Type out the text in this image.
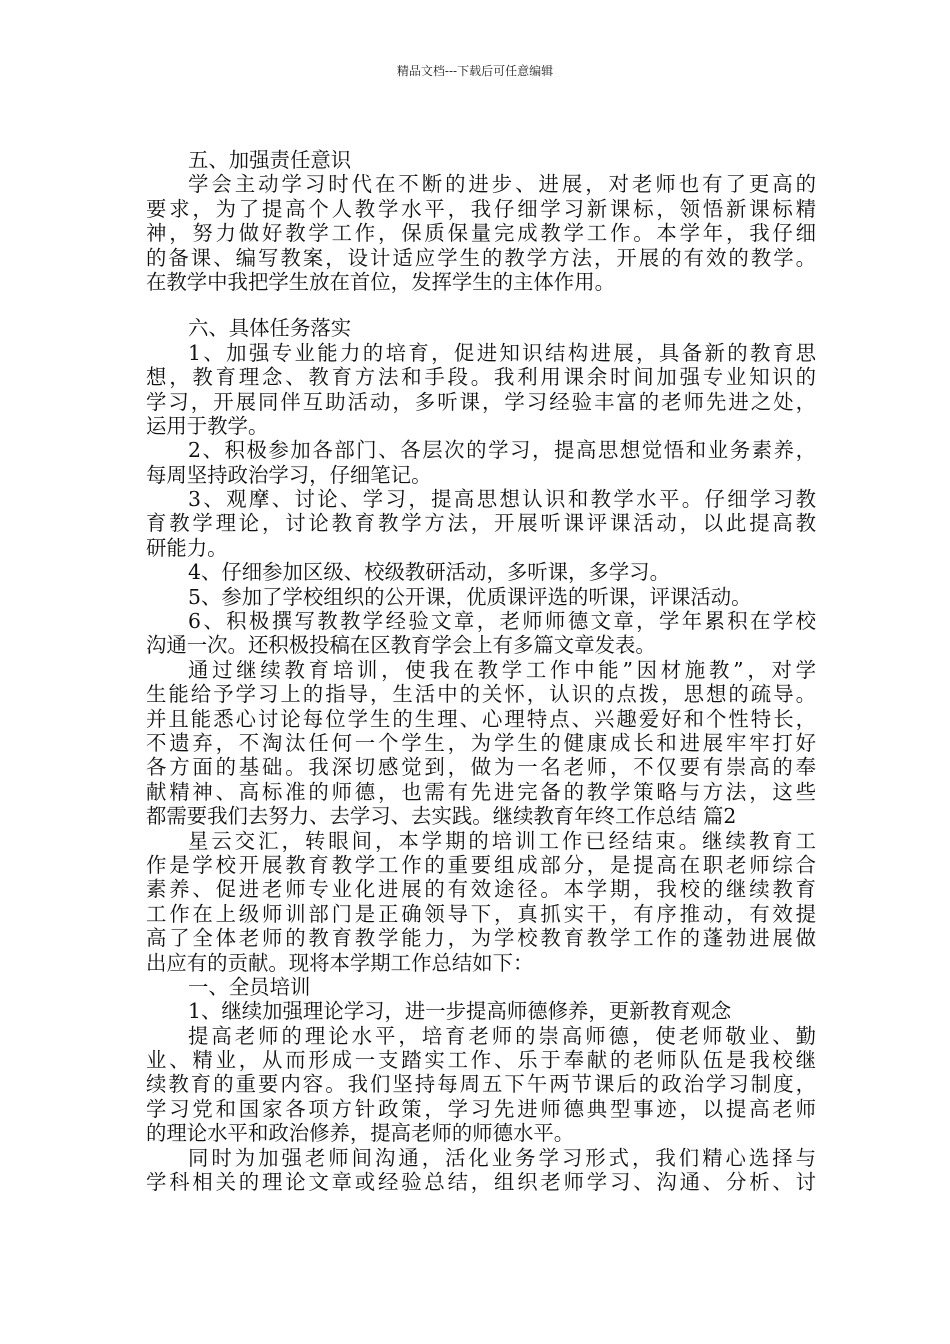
精品文档---下载后可任意编辑
五、加强责任意识
学会主动学习时代在不断的进步、进展，对老师也有了更高的
要求，为了提高个人教学水平，我仔细学习新课标，领悟新课标精
神，努力做好教学工作，保质保量完成教学工作。本学年，我仔细
的备课、编写教案，设计适应学生的教学方法，开展的有效的教学。
在教学中我把学生放在首位，发挥学生的主体作用。
六、具体任务落实
1、加强专业能力的培育，促进知识结构进展，具备新的教育思
想，教育理念、教育方法和手段。我利用课余时间加强专业知识的
学习，开展同伴互助活动，多听课，学习经验丰富的老师先进之处，
运用于教学。
2、积极参加各部门、各层次的学习，提高思想觉悟和业务素养，
每周坚持政治学习，仔细笔记。
3、观摩、讨论、学习，提高思想认识和教学水平。仔细学习教
育教学理论，讨论教育教学方法，开展听课评课活动，以此提高教
研能力。
4、仔细参加区级、校级教研活动，多听课，多学习。
5、参加了学校组织的公开课，优质课评选的听课，评课活动。
6、积极撰写教教学经验文章，老师师德文章，学年累积在学校
沟通一次。还积极投稿在区教育学会上有多篇文章发表。
通过继续教育培训，使我在教学工作中能”因材施教”，对学
生能给予学习上的指导，生活中的关怀，认识的点拨，思想的疏导。
并且能悉心讨论每位学生的生理、心理特点、兴趣爱好和个性特长，
不遗弃，不淘汰任何一个学生，为学生的健康成长和进展牢牢打好
各方面的基础。我深切感觉到，做为一名老师，不仅要有崇高的奉
献精神、高标准的师德，也需有先进完备的教学策略与方法，这些
都需要我们去努力、去学习、去实践。继续教育年终工作总结 篇2
星云交汇，转眼间，本学期的培训工作已经结束。继续教育工
作是学校开展教育教学工作的重要组成部分，是提高在职老师综合
素养、促进老师专业化进展的有效途径。本学期，我校的继续教育
工作在上级师训部门是正确领导下，真抓实干，有序推动，有效提
高了全体老师的教育教学能力，为学校教育教学工作的蓬勃进展做
出应有的贡献。现将本学期工作总结如下：
一、全员培训
1、继续加强理论学习，进一步提高师德修养，更新教育观念
提高老师的理论水平，培育老师的崇高师德，使老师敬业、勤
业、精业，从而形成一支踏实工作、乐于奉献的老师队伍是我校继
续教育的重要内容。我们坚持每周五下午两节课后的政治学习制度，
学习党和国家各项方针政策，学习先进师德典型事迹，以提高老师
的理论水平和政治修养，提高老师的师德水平。
同时为加强老师间沟通，活化业务学习形式，我们精心选择与
学科相关的理论文章或经验总结，组织老师学习、沟通、分析、讨
